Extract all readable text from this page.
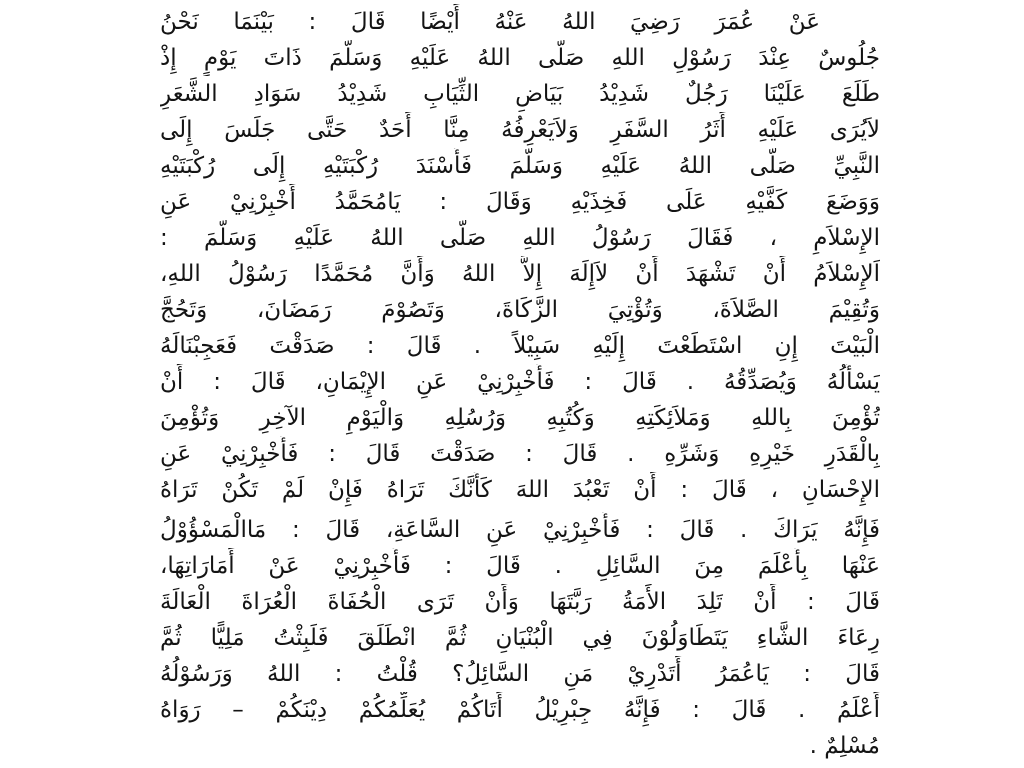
عَنْ عُمَرَ رَضِيَ اللهُ عَنْهُ أَيْضًا قَالَ : بَيْنَمَا نَحْنُ
جُلُوسٌ عِنْدَ رَسُوْلِ اللهِ صَلَّى اللهُ عَلَيْهِ وَسَلَّمَ ذَاتَ يَوْمٍ إِذْ
طَلَعَ عَلَيْنَا رَجُلٌ شَدِيْدُ بَيَاضِ الثِّيَابِ شَدِيْدُ سَوَادِ الشَّعَرِ
لاَيُرَى عَلَيْهِ أَثَرُ السَّفَرِ وَلاَيَعْرِفُهُ مِنَّا أَحَدٌ حَتَّى جَلَسَ إِلَى
النَّبِيِّ صَلَّى اللهُ عَلَيْهِ وَسَلَّمَ فَأَسْنَدَ رُكْبَتَيْهِ إِلَى رُكْبَتَيْهِ
وَوَضَعَ كَفَّيْهِ عَلَى فَخِذَيْهِ وَقَالَ : يَامُحَمَّدُ أَخْبِرْنِيْ عَنِ
الإِسْلاَمِ ، فَقَالَ رَسُوْلُ اللهِ صَلَّى اللهُ عَلَيْهِ وَسَلَّمَ :
اَلإِسْلاَمُ أَنْ تَشْهَدَ أَنْ لاَإِلَهَ إِلاَّ اللهُ وَأَنَّ مُحَمَّدًا رَسُوْلُ اللهِ،
وَتُقِيْمَ الصَّلاَةَ، وَتُؤْتِيَ الزَّكَاةَ، وَتَصُوْمَ رَمَضَانَ، وَتَحُجَّ
الْبَيْتَ إِنِ اسْتَطَعْتَ إِلَيْهِ سَبِيْلاً . قَالَ : صَدَقْتَ فَعَجِبْنَالَهُ
يَسْأَلُهُ وَيُصَدِّقُهُ . قَالَ : فَأَخْبِرْنِيْ عَنِ الإِيْمَانِ، قَالَ : أَنْ
تُؤْمِنَ بِاللهِ وَمَلاَئِكَتِهِ وَكُتُبِهِ وَرُسُلِهِ وَالْيَوْمِ الآخِرِ وَتُؤْمِنَ
بِالْقَدَرِ خَيْرِهِ وَشَرِّهِ . قَالَ : صَدَقْتَ قَالَ : فَأَخْبِرْنِيْ عَنِ
الإِحْسَانِ ، قَالَ : أَنْ تَعْبُدَ اللهَ كَأَنَّكَ تَرَاهُ فَإِنْ لَمْ تَكُنْ تَرَاهُ
فَإِنَّهُ يَرَاكَ . قَالَ : فَأَخْبِرْنِيْ عَنِ السَّاعَةِ، قَالَ : مَاالْمَسْؤُوْلُ
عَنْهَا بِأَعْلَمَ مِنَ السَّائِلِ . قَالَ : فَأَخْبِرْنِيْ عَنْ أَمَارَاتِهَا،
قَالَ : أَنْ تَلِدَ الأَمَةُ رَبَّتَهَا وَأَنْ تَرَى الْحُفَاةَ الْعُرَاةَ الْعَالَةَ
رِعَاءَ الشَّاءِ يَتَطَاوَلُوْنَ فِي الْبُنْيَانِ ثُمَّ انْطَلَقَ فَلَبِثْتُ مَلِيًّا ثُمَّ
قَالَ : يَاعُمَرُ أَتَدْرِيْ مَنِ السَّائِلُ؟ قُلْتُ : اللهُ وَرَسُوْلُهُ
أَعْلَمُ . قَالَ : فَإِنَّهُ جِبْرِيْلُ أَتَاكُمْ يُعَلِّمُكُمْ دِيْنَكُمْ – رَوَاهُ
مُسْلِمٌ .
